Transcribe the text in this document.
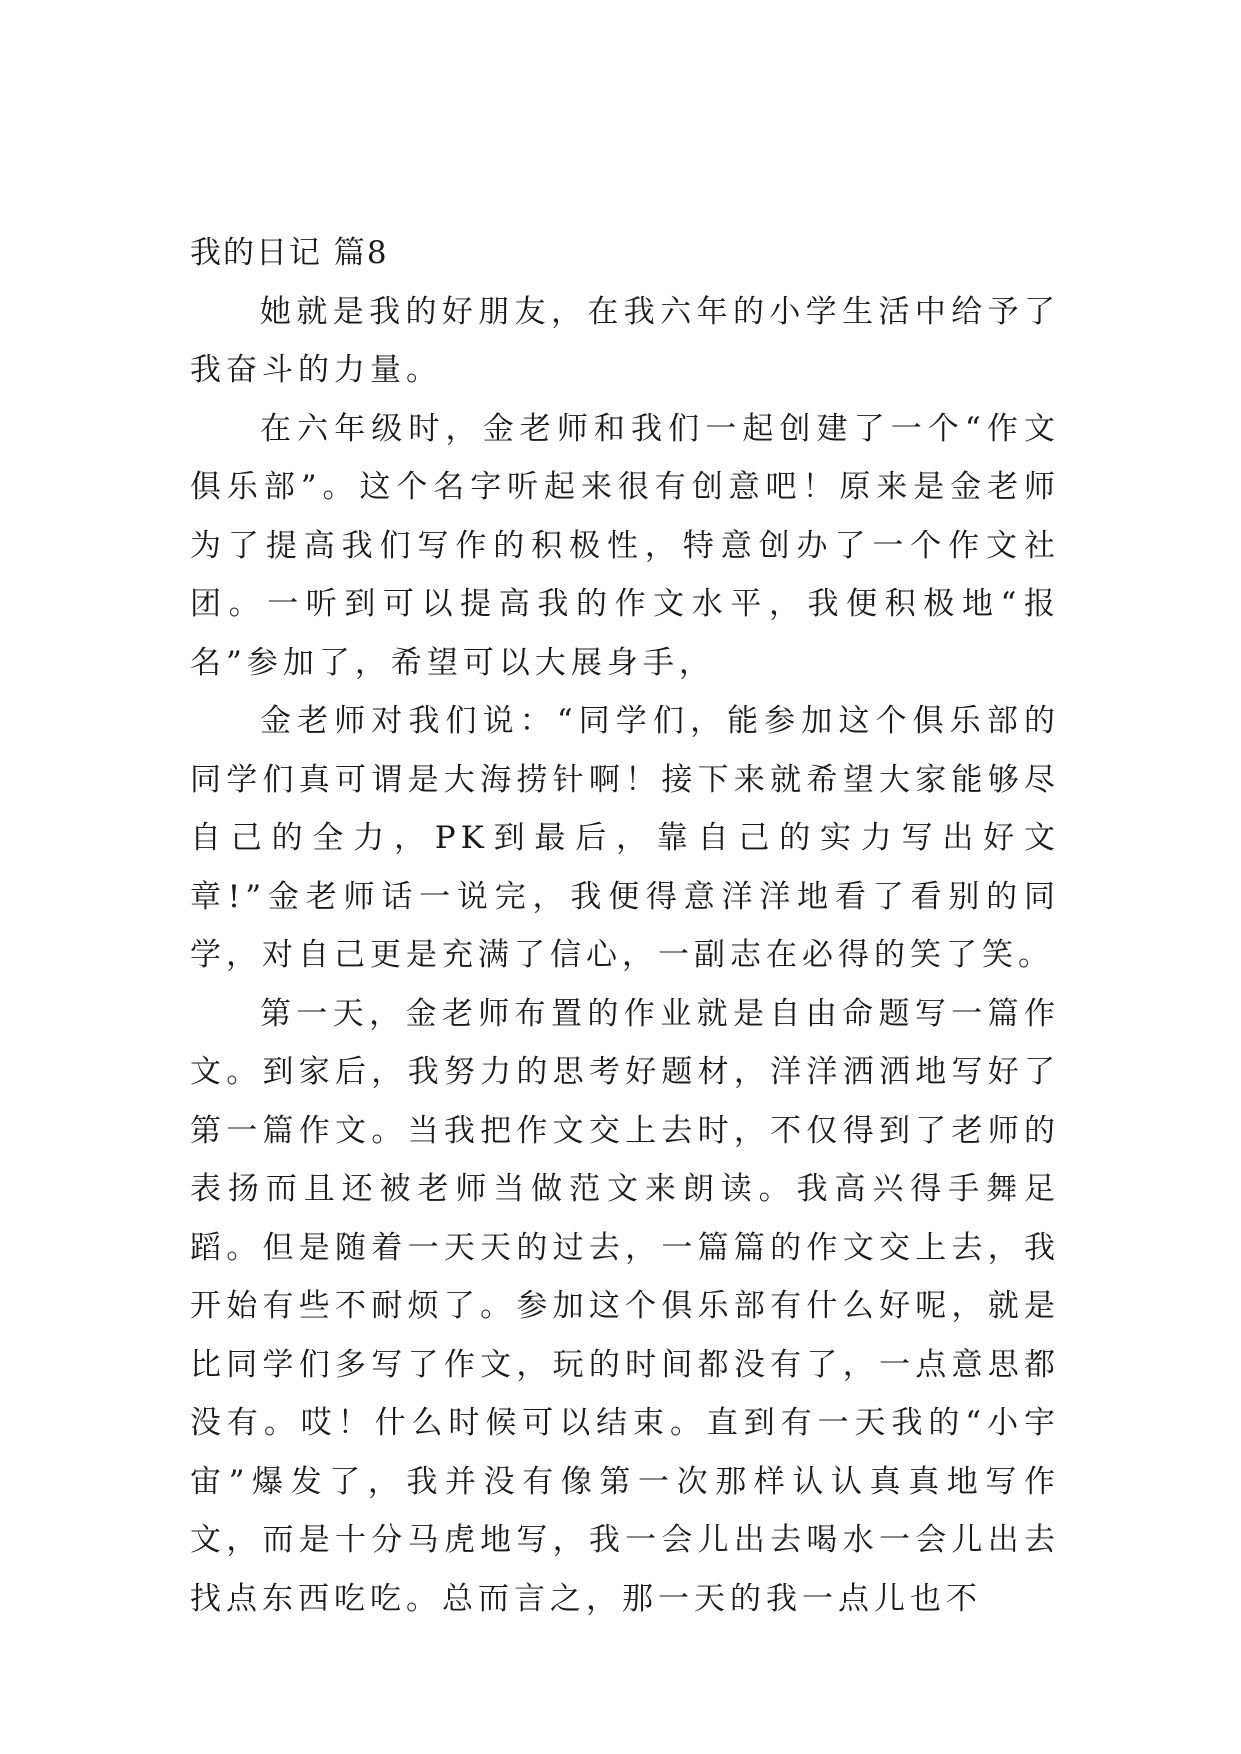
我的日记 篇8

她就是我的好朋友，在我六年的小学生活中给予了我奋斗的力量。

在六年级时，金老师和我们一起创建了一个“作文俱乐部”。这个名字听起来很有创意吧！原来是金老师为了提高我们写作的积极性，特意创办了一个作文社团。一听到可以提高我的作文水平，我便积极地“报名”参加了，希望可以大展身手，

金老师对我们说：“同学们，能参加这个俱乐部的同学们真可谓是大海捞针啊！接下来就希望大家能够尽自己的全力，PK到最后，靠自己的实力写出好文章!”金老师话一说完，我便得意洋洋地看了看别的同学，对自己更是充满了信心，一副志在必得的笑了笑。

第一天，金老师布置的作业就是自由命题写一篇作文。到家后，我努力的思考好题材，洋洋洒洒地写好了第一篇作文。当我把作文交上去时，不仅得到了老师的表扬而且还被老师当做范文来朗读。我高兴得手舞足蹈。但是随着一天天的过去，一篇篇的作文交上去，我开始有些不耐烦了。参加这个俱乐部有什么好呢，就是比同学们多写了作文，玩的时间都没有了，一点意思都没有。哎！什么时候可以结束。直到有一天我的“小宇宙”爆发了，我并没有像第一次那样认认真真地写作文，而是十分马虎地写，我一会儿出去喝水一会儿出去找点东西吃吃。总而言之，那一天的我一点儿也不
